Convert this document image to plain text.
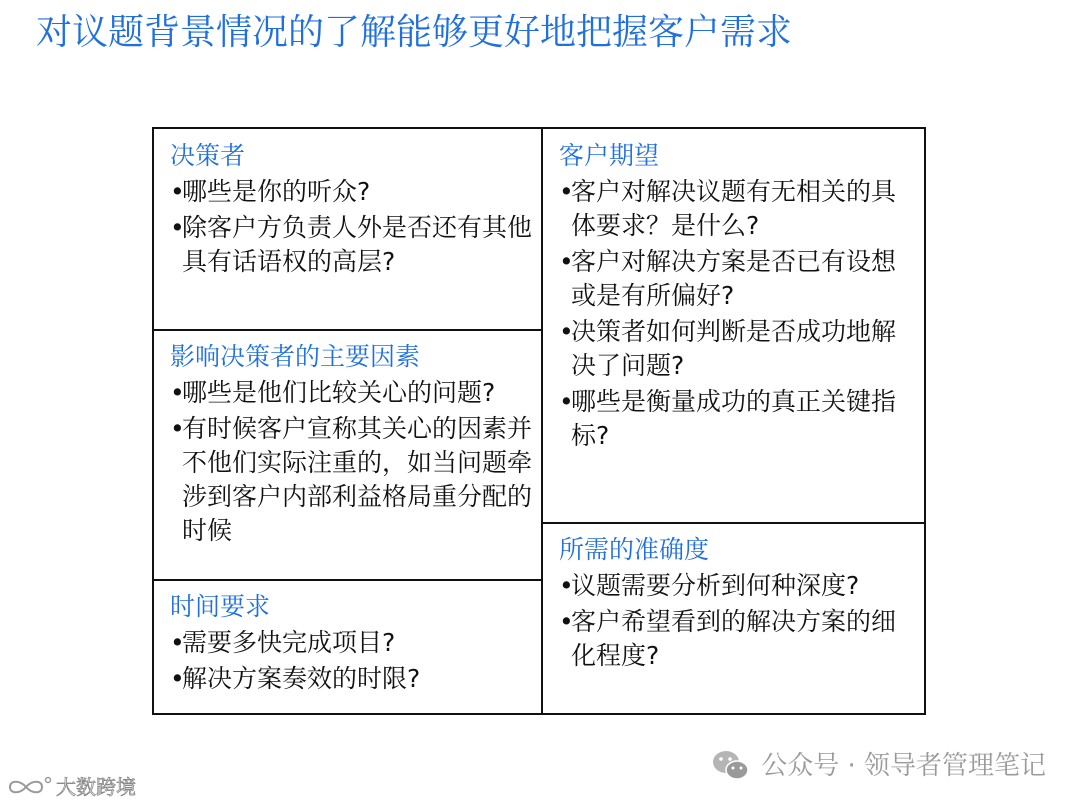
对议题背景情况的了解能够更好地把握客户需求
决策者
•
哪些是你的听众?
•
除客户方负责人外是否还有其他具有话语权的高层?
影响决策者的主要因素
•
哪些是他们比较关心的问题?
•
有时候客户宣称其关心的因素并不他们实际注重的，如当问题牵涉到客户内部利益格局重分配的时候
时间要求
•
需要多快完成项目?
•
解决方案奏效的时限?
客户期望
•
客户对解决议题有无相关的具体要求？是什么?
•
客户对解决方案是否已有设想或是有所偏好?
•
决策者如何判断是否成功地解决了问题?
•
哪些是衡量成功的真正关键指标?
所需的准确度
•
议题需要分析到何种深度?
•
客户希望看到的解决方案的细化程度?
公众号 · 领导者管理笔记
大数跨境
